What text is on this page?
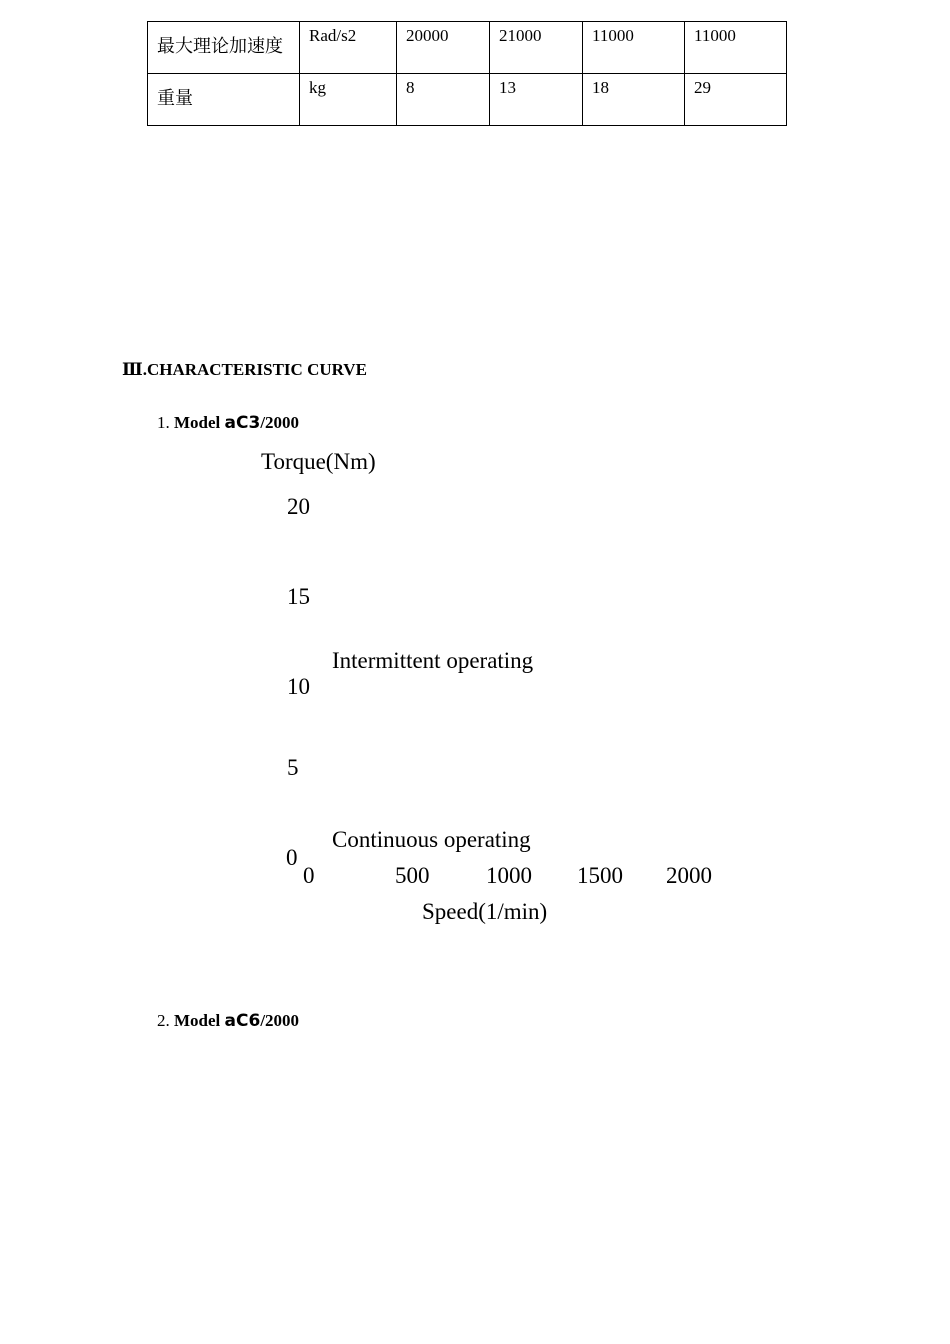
最大理论加速度	Rad/s2	20000	21000	11000	11000
重量	kg	8	13	18	29
Ⅲ.CHARACTERISTIC CURVE

1. Model aC3/2000

Torque(Nm)
20
15
10
5
0
Intermittent operating
Continuous operating
0	500 1000 1500 2000
Speed(1/min)

2. Model aC6/2000
